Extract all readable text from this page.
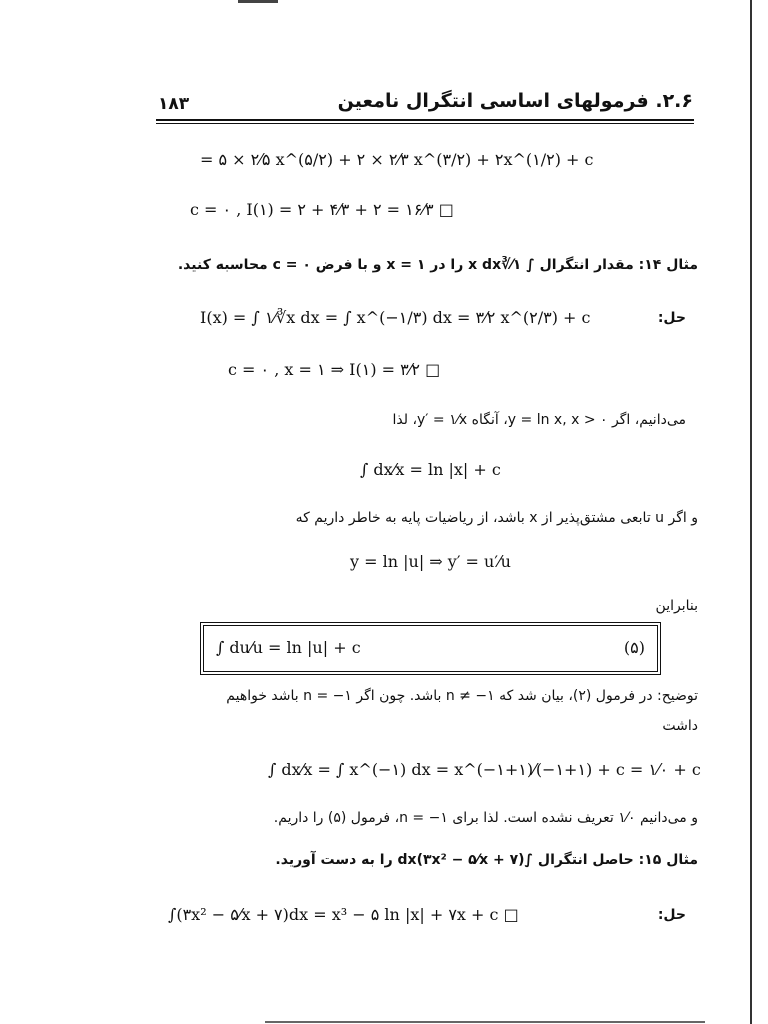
۲.۶. فرمولهای اساسی انتگرال نامعین
۱۸۳
= ۵ × ۲⁄۵ x^(۵/۲) + ۲ × ۲⁄۳ x^(۳/۲) + ۲x^(۱/۲) + c
c = ۰ , I(۱) = ۲ + ۴⁄۳ + ۲ = ۱۶⁄۳ □
مثال ۱۴: مقدار انتگرال ∫ ۱⁄∛x dx را در ۱ = x و با فرض ۰ = c محاسبه کنید.
حل:
I(x) = ∫ ۱⁄∛x dx = ∫ x^(−۱/۳) dx = ۳⁄۲ x^(۲/۳) + c
c = ۰ , x = ۱ ⇒ I(۱) = ۳⁄۲ □
می‌دانیم، اگر ۰ < y = ln x, x، آنگاه y′ = ۱⁄x، لذا
∫ dx⁄x = ln |x| + c
و اگر u تابعی مشتق‌پذیر از x باشد، از ریاضیات پایه به خاطر داریم که
y = ln |u| ⇒ y′ = u′⁄u
بنابراین
∫ du⁄u = ln |u| + c	(۵)
توضیح: در فرمول (۲)، بیان شد که ۱− ≠ n باشد. چون اگر ۱− = n باشد خواهیم
داشت
∫ dx⁄x = ∫ x^(−۱) dx = x^(−۱+۱)⁄(−۱+۱) + c = ۱⁄۰ + c
و می‌دانیم ۱⁄۰ تعریف نشده است. لذا برای ۱− = n، فرمول (۵) را داریم.
مثال ۱۵: حاصل انتگرال ∫(۳x² − ۵⁄x + ۷)dx را به دست آورید.
حل:
∫(۳x² − ۵⁄x + ۷)dx = x³ − ۵ ln |x| + ۷x + c □
